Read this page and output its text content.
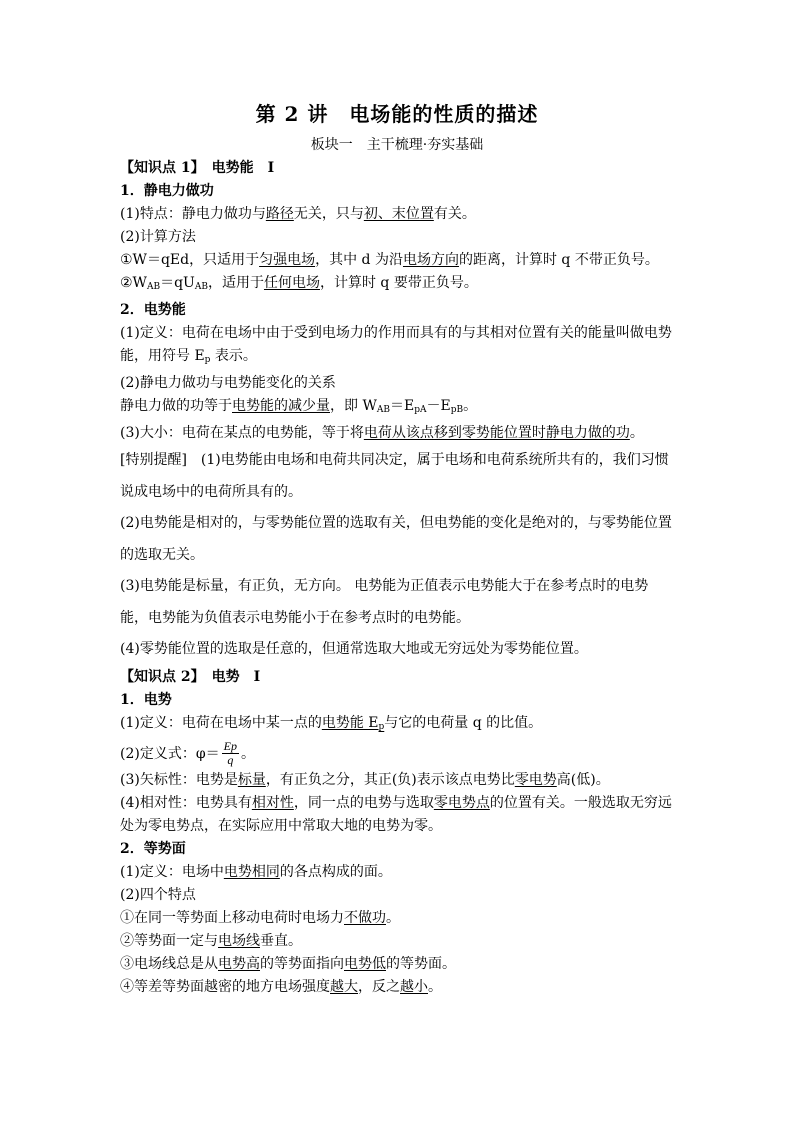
第 2 讲　电场能的性质的描述
板块一　主干梳理·夯实基础
【知识点 1】　电势能　Ⅰ
1．静电力做功
(1)特点：静电力做功与路径无关，只与初、末位置有关。
(2)计算方法
①W＝qEd，只适用于匀强电场，其中 d 为沿电场方向的距离，计算时 q 不带正负号。
$②W_{AB}=qU_{AB}$，适用于任何电场，计算时 q 要带正负号。
2．电势能
(1)定义：电荷在电场中由于受到电场力的作用而具有的与其相对位置有关的能量叫做电势能，用符号 $E_p$ 表示。
(2)静电力做功与电势能变化的关系
静电力做的功等于电势能的减少量，即 $W_{AB}=E_{pA}-E_{pB}$。
(3)大小：电荷在某点的电势能，等于将电荷从该点移到零势能位置时静电力做的功。
[特别提醒]　(1)电势能由电场和电荷共同决定，属于电场和电荷系统所共有的，我们习惯说成电场中的电荷所具有的。
(2)电势能是相对的，与零势能位置的选取有关，但电势能的变化是绝对的，与零势能位置的选取无关。
(3)电势能是标量，有正负，无方向。 电势能为正值表示电势能大于在参考点时的电势能，电势能为负值表示电势能小于在参考点时的电势能。
(4)零势能位置的选取是任意的，但通常选取大地或无穷远处为零势能位置。
【知识点 2】　电势　Ⅰ
1．电势
(1)定义：电荷在电场中某一点的电势能 $E_p$与它的电荷量 q 的比值。
(2)定义式：$\varphi= \frac{Ep}{q}$ 。
(3)矢标性：电势是标量，有正负之分，其正(负)表示该点电势比零电势高(低)。
(4)相对性：电势具有相对性，同一点的电势与选取零电势点的位置有关。一般选取无穷远处为零电势点，在实际应用中常取大地的电势为零。
2．等势面
(1)定义：电场中电势相同的各点构成的面。
(2)四个特点
①在同一等势面上移动电荷时电场力不做功。
②等势面一定与电场线垂直。
③电场线总是从电势高的等势面指向电势低的等势面。
④等差等势面越密的地方电场强度越大，反之越小。
